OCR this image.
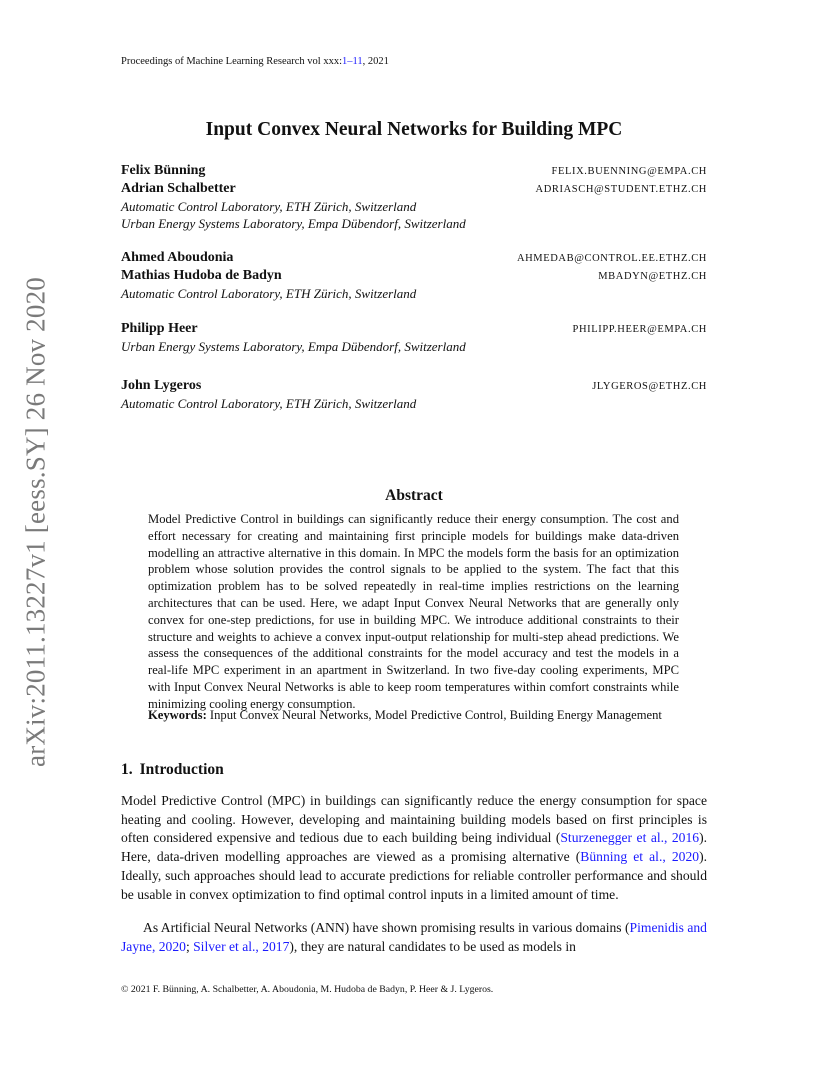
Proceedings of Machine Learning Research vol xxx:1–11, 2021
arXiv:2011.13227v1 [eess.SY] 26 Nov 2020
Input Convex Neural Networks for Building MPC
Felix Bünning	FELIX.BUENNING@EMPA.CH
Adrian Schalbetter	ADRIASCH@STUDENT.ETHZ.CH
Automatic Control Laboratory, ETH Zürich, Switzerland
Urban Energy Systems Laboratory, Empa Dübendorf, Switzerland
Ahmed Aboudonia	AHMEDAB@CONTROL.EE.ETHZ.CH
Mathias Hudoba de Badyn	MBADYN@ETHZ.CH
Automatic Control Laboratory, ETH Zürich, Switzerland
Philipp Heer	PHILIPP.HEER@EMPA.CH
Urban Energy Systems Laboratory, Empa Dübendorf, Switzerland
John Lygeros	JLYGEROS@ETHZ.CH
Automatic Control Laboratory, ETH Zürich, Switzerland
Abstract
Model Predictive Control in buildings can significantly reduce their energy consumption. The cost and effort necessary for creating and maintaining first principle models for buildings make data-driven modelling an attractive alternative in this domain. In MPC the models form the basis for an optimization problem whose solution provides the control signals to be applied to the system. The fact that this optimization problem has to be solved repeatedly in real-time implies restrictions on the learning architectures that can be used. Here, we adapt Input Convex Neural Networks that are generally only convex for one-step predictions, for use in building MPC. We introduce additional constraints to their structure and weights to achieve a convex input-output relationship for multi-step ahead predictions. We assess the consequences of the additional constraints for the model accuracy and test the models in a real-life MPC experiment in an apartment in Switzerland. In two five-day cooling experiments, MPC with Input Convex Neural Networks is able to keep room temperatures within comfort constraints while minimizing cooling energy consumption.
Keywords: Input Convex Neural Networks, Model Predictive Control, Building Energy Management
1. Introduction
Model Predictive Control (MPC) in buildings can significantly reduce the energy consumption for space heating and cooling. However, developing and maintaining building models based on first principles is often considered expensive and tedious due to each building being individual (Sturzenegger et al., 2016). Here, data-driven modelling approaches are viewed as a promising alternative (Bünning et al., 2020). Ideally, such approaches should lead to accurate predictions for reliable controller performance and should be usable in convex optimization to find optimal control inputs in a limited amount of time.
As Artificial Neural Networks (ANN) have shown promising results in various domains (Pimenidis and Jayne, 2020; Silver et al., 2017), they are natural candidates to be used as models in
© 2021 F. Bünning, A. Schalbetter, A. Aboudonia, M. Hudoba de Badyn, P. Heer & J. Lygeros.
